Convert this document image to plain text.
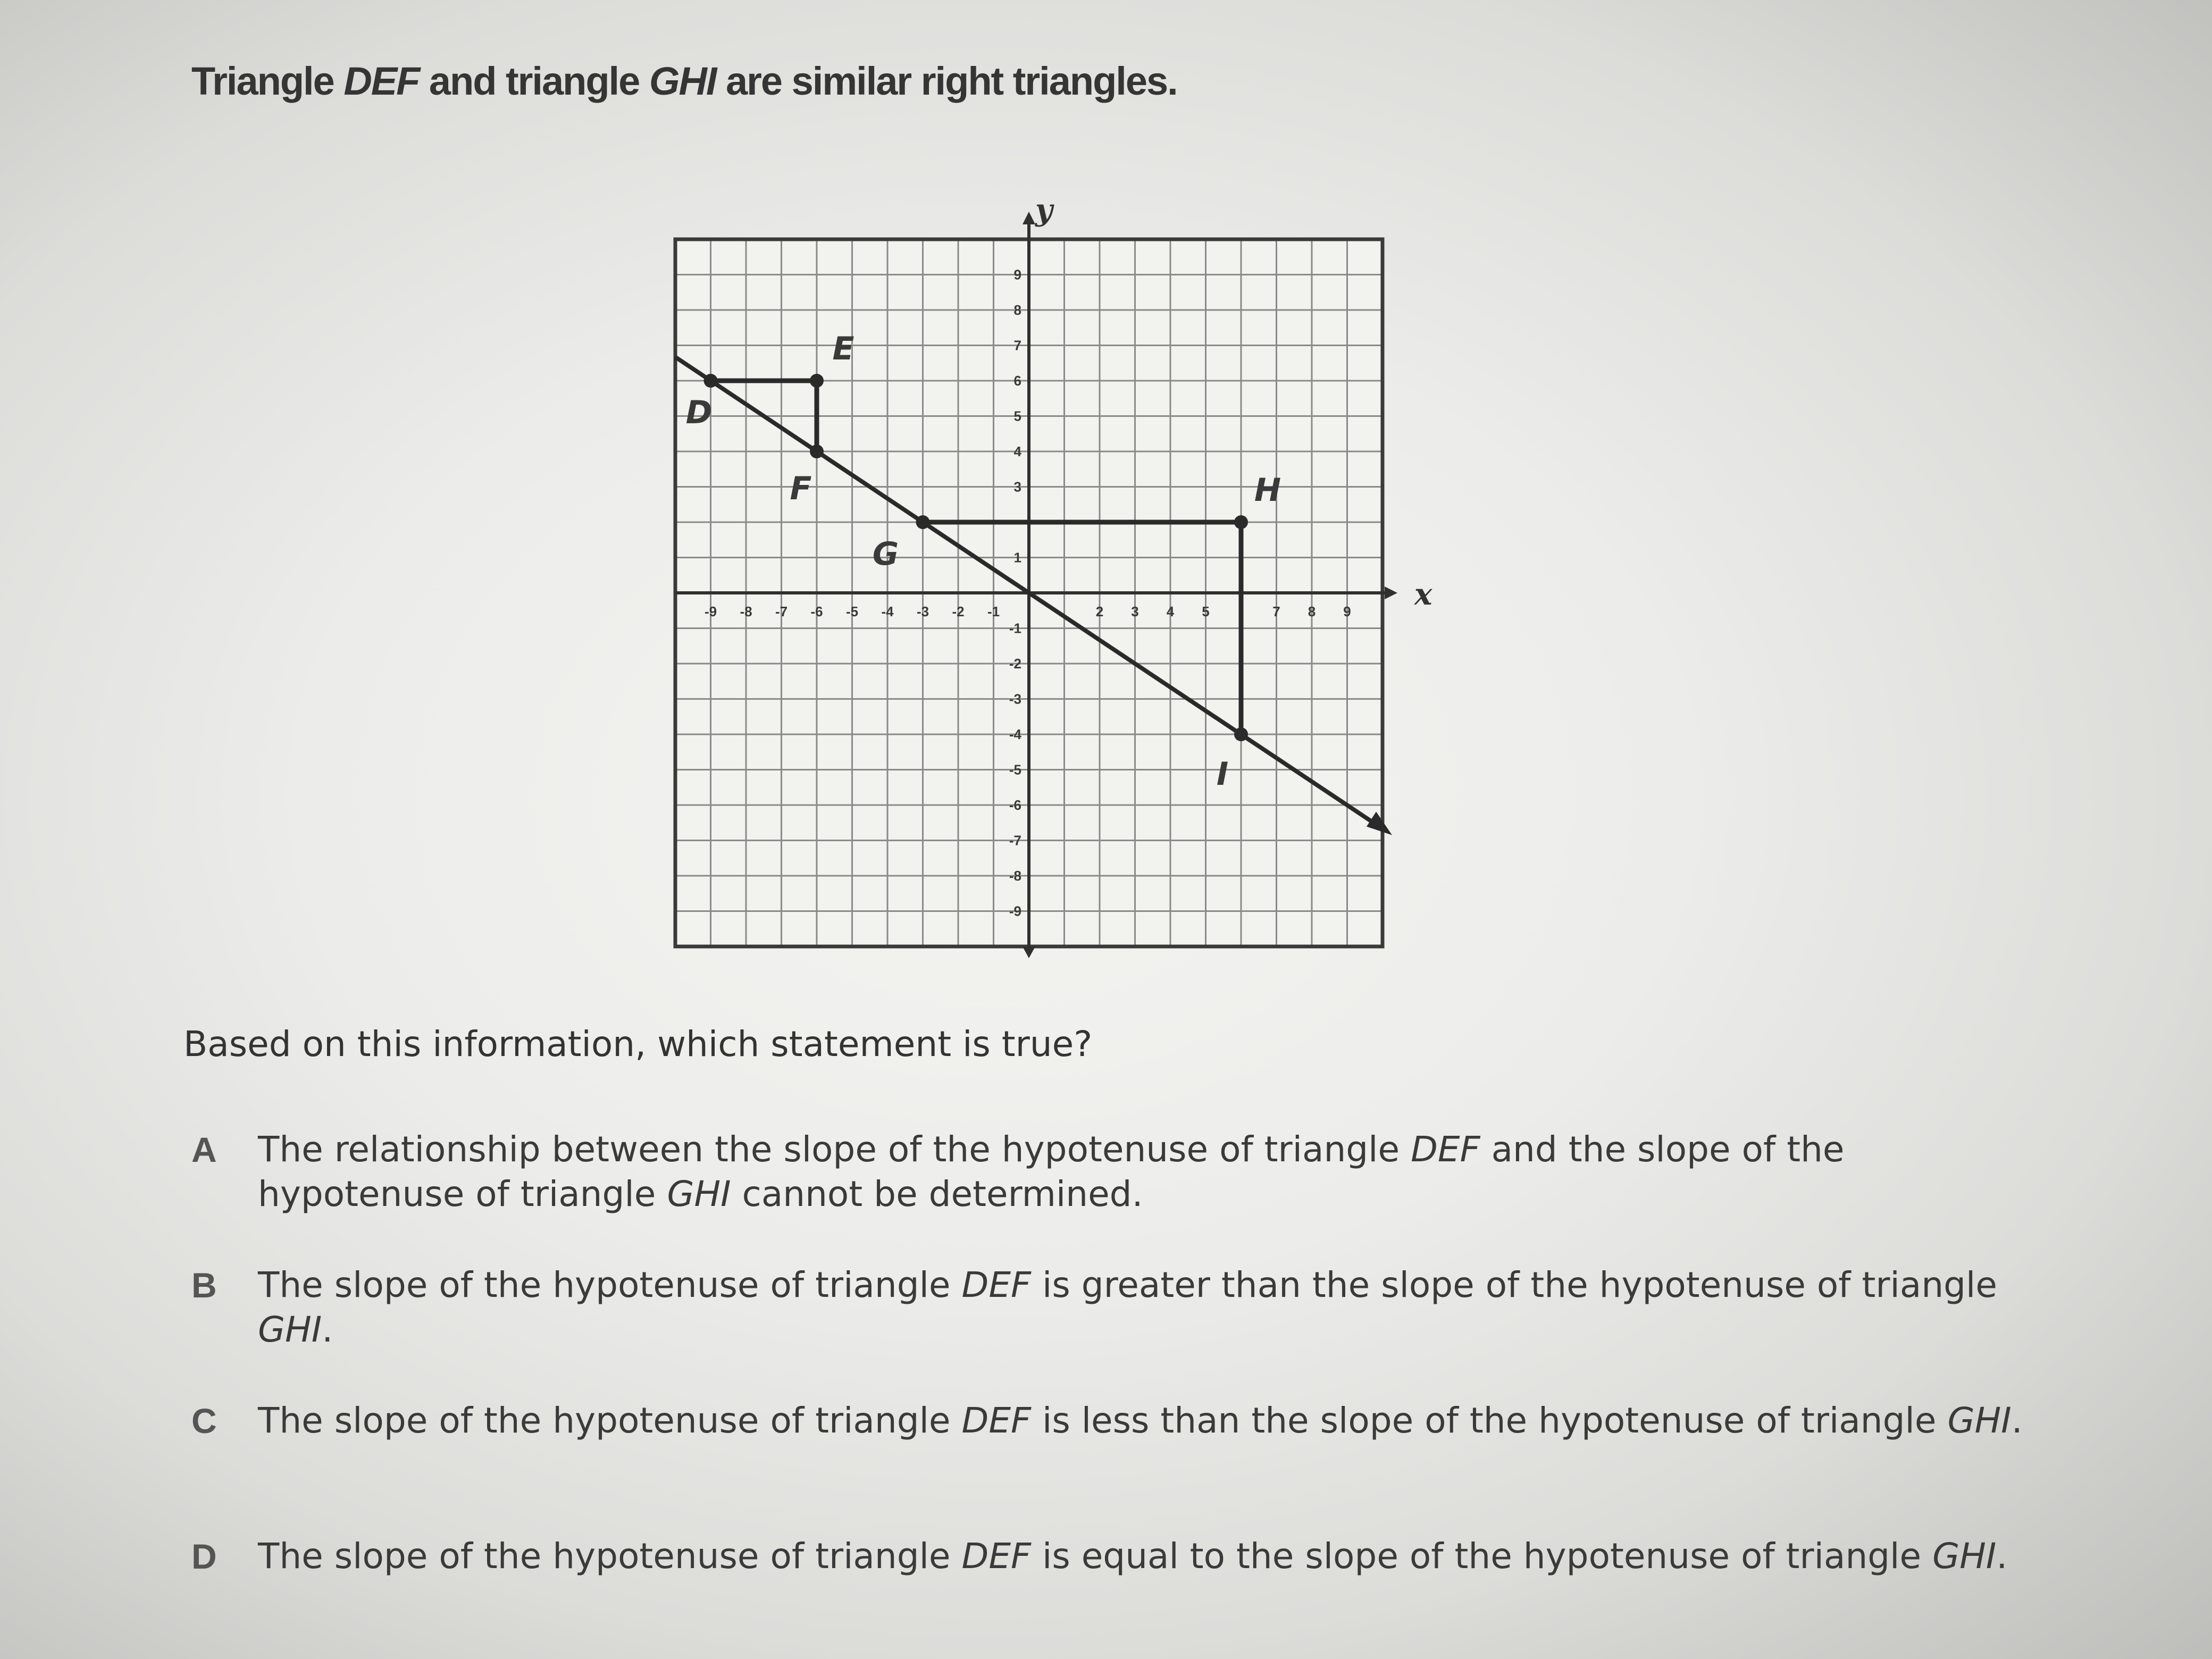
Triangle DEF and triangle GHI are similar right triangles.

x
y
-9 -8 -7 -6 -5 -4 -3 -2 -1	2 3 4 5	7 8 9
9
8
7
6
5
4
3
1
-1
-2
-3
-4
-5
-6
-7
-8
-9
D
E
F
G
H
I

Based on this information, which statement is true?

A	The relationship between the slope of the hypotenuse of triangle DEF and the slope of the hypotenuse of triangle GHI cannot be determined.
B	The slope of the hypotenuse of triangle DEF is greater than the slope of the hypotenuse of triangle GHI.
C	The slope of the hypotenuse of triangle DEF is less than the slope of the hypotenuse of triangle GHI.
D	The slope of the hypotenuse of triangle DEF is equal to the slope of the hypotenuse of triangle GHI.
